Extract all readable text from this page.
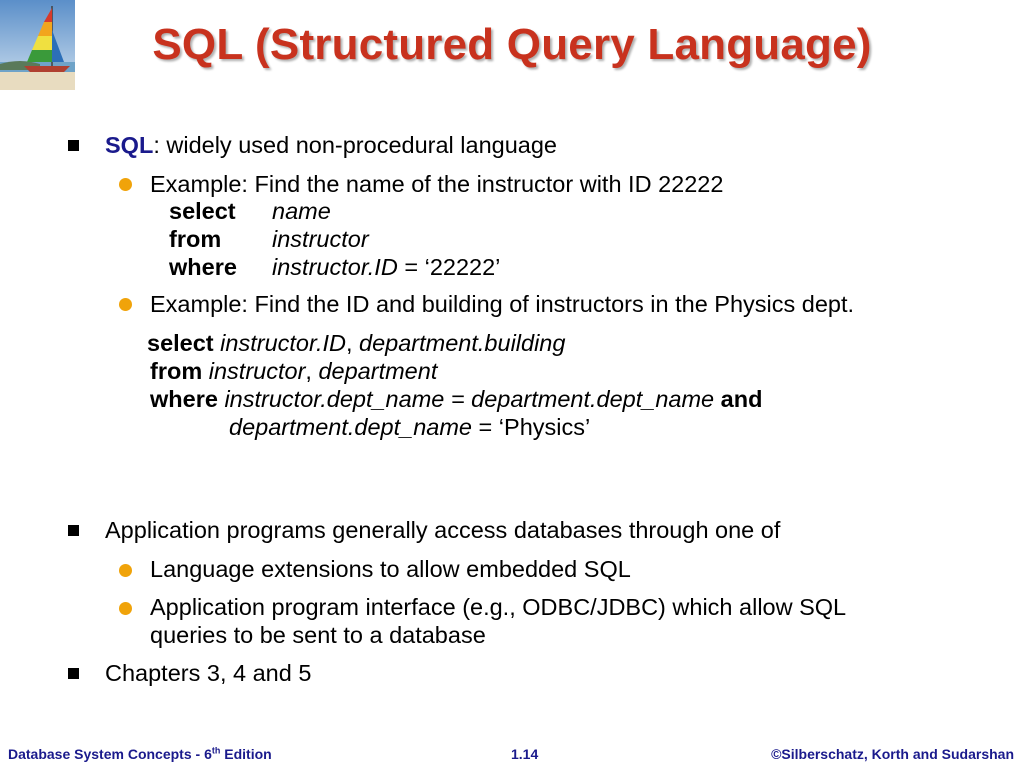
SQL (Structured Query Language)
SQL: widely used non-procedural language
Example: Find the name of the instructor with ID 22222
select name
from instructor
where instructor.ID = ‘22222’
Example: Find the ID and building of instructors in the Physics dept.
select instructor.ID, department.building
from instructor, department
where instructor.dept_name = department.dept_name and
department.dept_name = ‘Physics’
Application programs generally access databases through one of
Language extensions to allow embedded SQL
Application program interface (e.g., ODBC/JDBC) which allow SQL
queries to be sent to a database
Chapters 3, 4 and 5
Database System Concepts - 6th Edition	1.14	©Silberschatz, Korth and Sudarshan
